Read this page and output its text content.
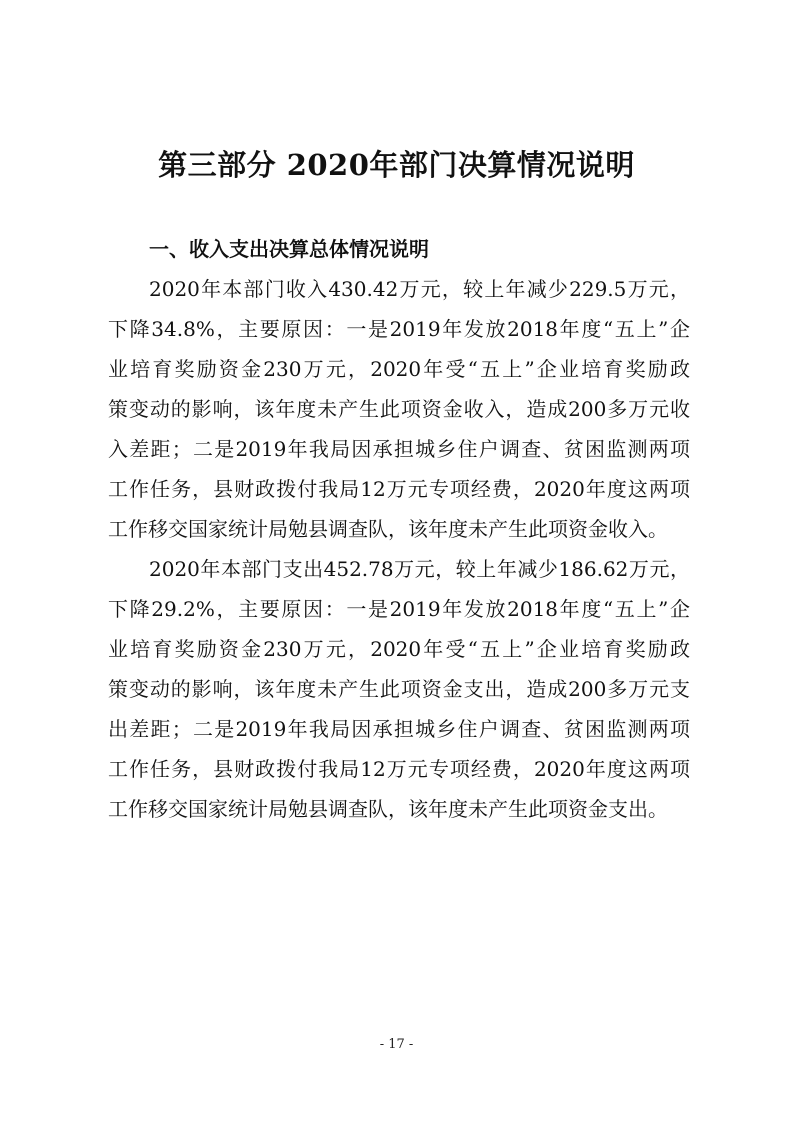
第三部分 2020年部门决算情况说明
一、收入支出决算总体情况说明
2020年本部门收入430.42万元，较上年减少229.5万元，
下降34.8%，主要原因：一是2019年发放2018年度“五上”企
业培育奖励资金230万元，2020年受“五上”企业培育奖励政
策变动的影响，该年度未产生此项资金收入，造成200多万元收
入差距；二是2019年我局因承担城乡住户调查、贫困监测两项
工作任务，县财政拨付我局12万元专项经费，2020年度这两项
工作移交国家统计局勉县调查队，该年度未产生此项资金收入。
2020年本部门支出452.78万元，较上年减少186.62万元，
下降29.2%，主要原因：一是2019年发放2018年度“五上”企
业培育奖励资金230万元，2020年受“五上”企业培育奖励政
策变动的影响，该年度未产生此项资金支出，造成200多万元支
出差距；二是2019年我局因承担城乡住户调查、贫困监测两项
工作任务，县财政拨付我局12万元专项经费，2020年度这两项
工作移交国家统计局勉县调查队，该年度未产生此项资金支出。
- 17 -
